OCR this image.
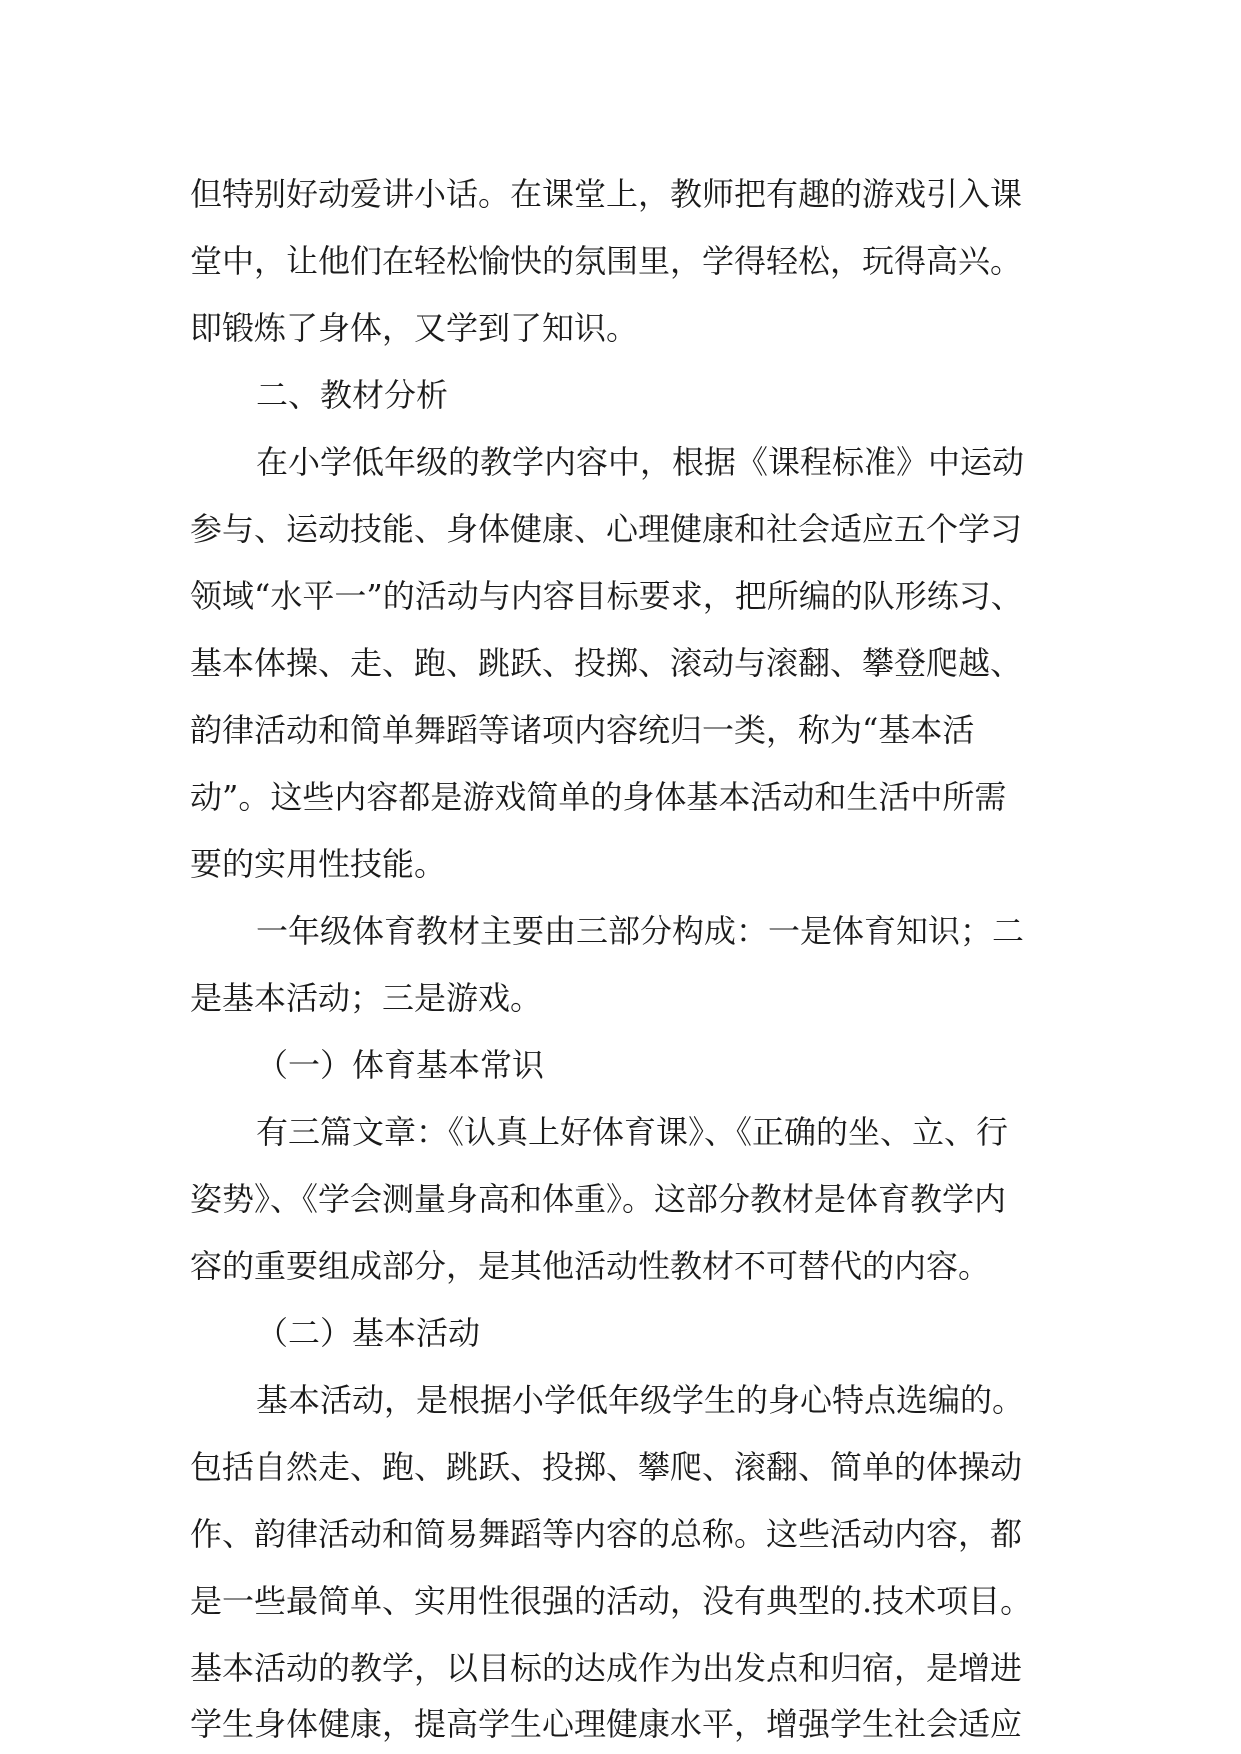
但特别好动爱讲小话。在课堂上，教师把有趣的游戏引入课
堂中，让他们在轻松愉快的氛围里，学得轻松，玩得高兴。
即锻炼了身体，又学到了知识。
二、教材分析
在小学低年级的教学内容中，根据《课程标准》中运动
参与、运动技能、身体健康、心理健康和社会适应五个学习
领域“水平一”的活动与内容目标要求，把所编的队形练习、
基本体操、走、跑、跳跃、投掷、滚动与滚翻、攀登爬越、
韵律活动和简单舞蹈等诸项内容统归一类，称为“基本活
动”。这些内容都是游戏简单的身体基本活动和生活中所需
要的实用性技能。
一年级体育教材主要由三部分构成：一是体育知识；二
是基本活动；三是游戏。
（一）体育基本常识
有三篇文章：《认真上好体育课》、《正确的坐、立、行
姿势》、《学会测量身高和体重》。这部分教材是体育教学内
容的重要组成部分，是其他活动性教材不可替代的内容。
（二）基本活动
基本活动，是根据小学低年级学生的身心特点选编的。
包括自然走、跑、跳跃、投掷、攀爬、滚翻、简单的体操动
作、韵律活动和简易舞蹈等内容的总称。这些活动内容，都
是一些最简单、实用性很强的活动，没有典型的.技术项目。
基本活动的教学，以目标的达成作为出发点和归宿，是增进
学生身体健康，提高学生心理健康水平，增强学生社会适应
